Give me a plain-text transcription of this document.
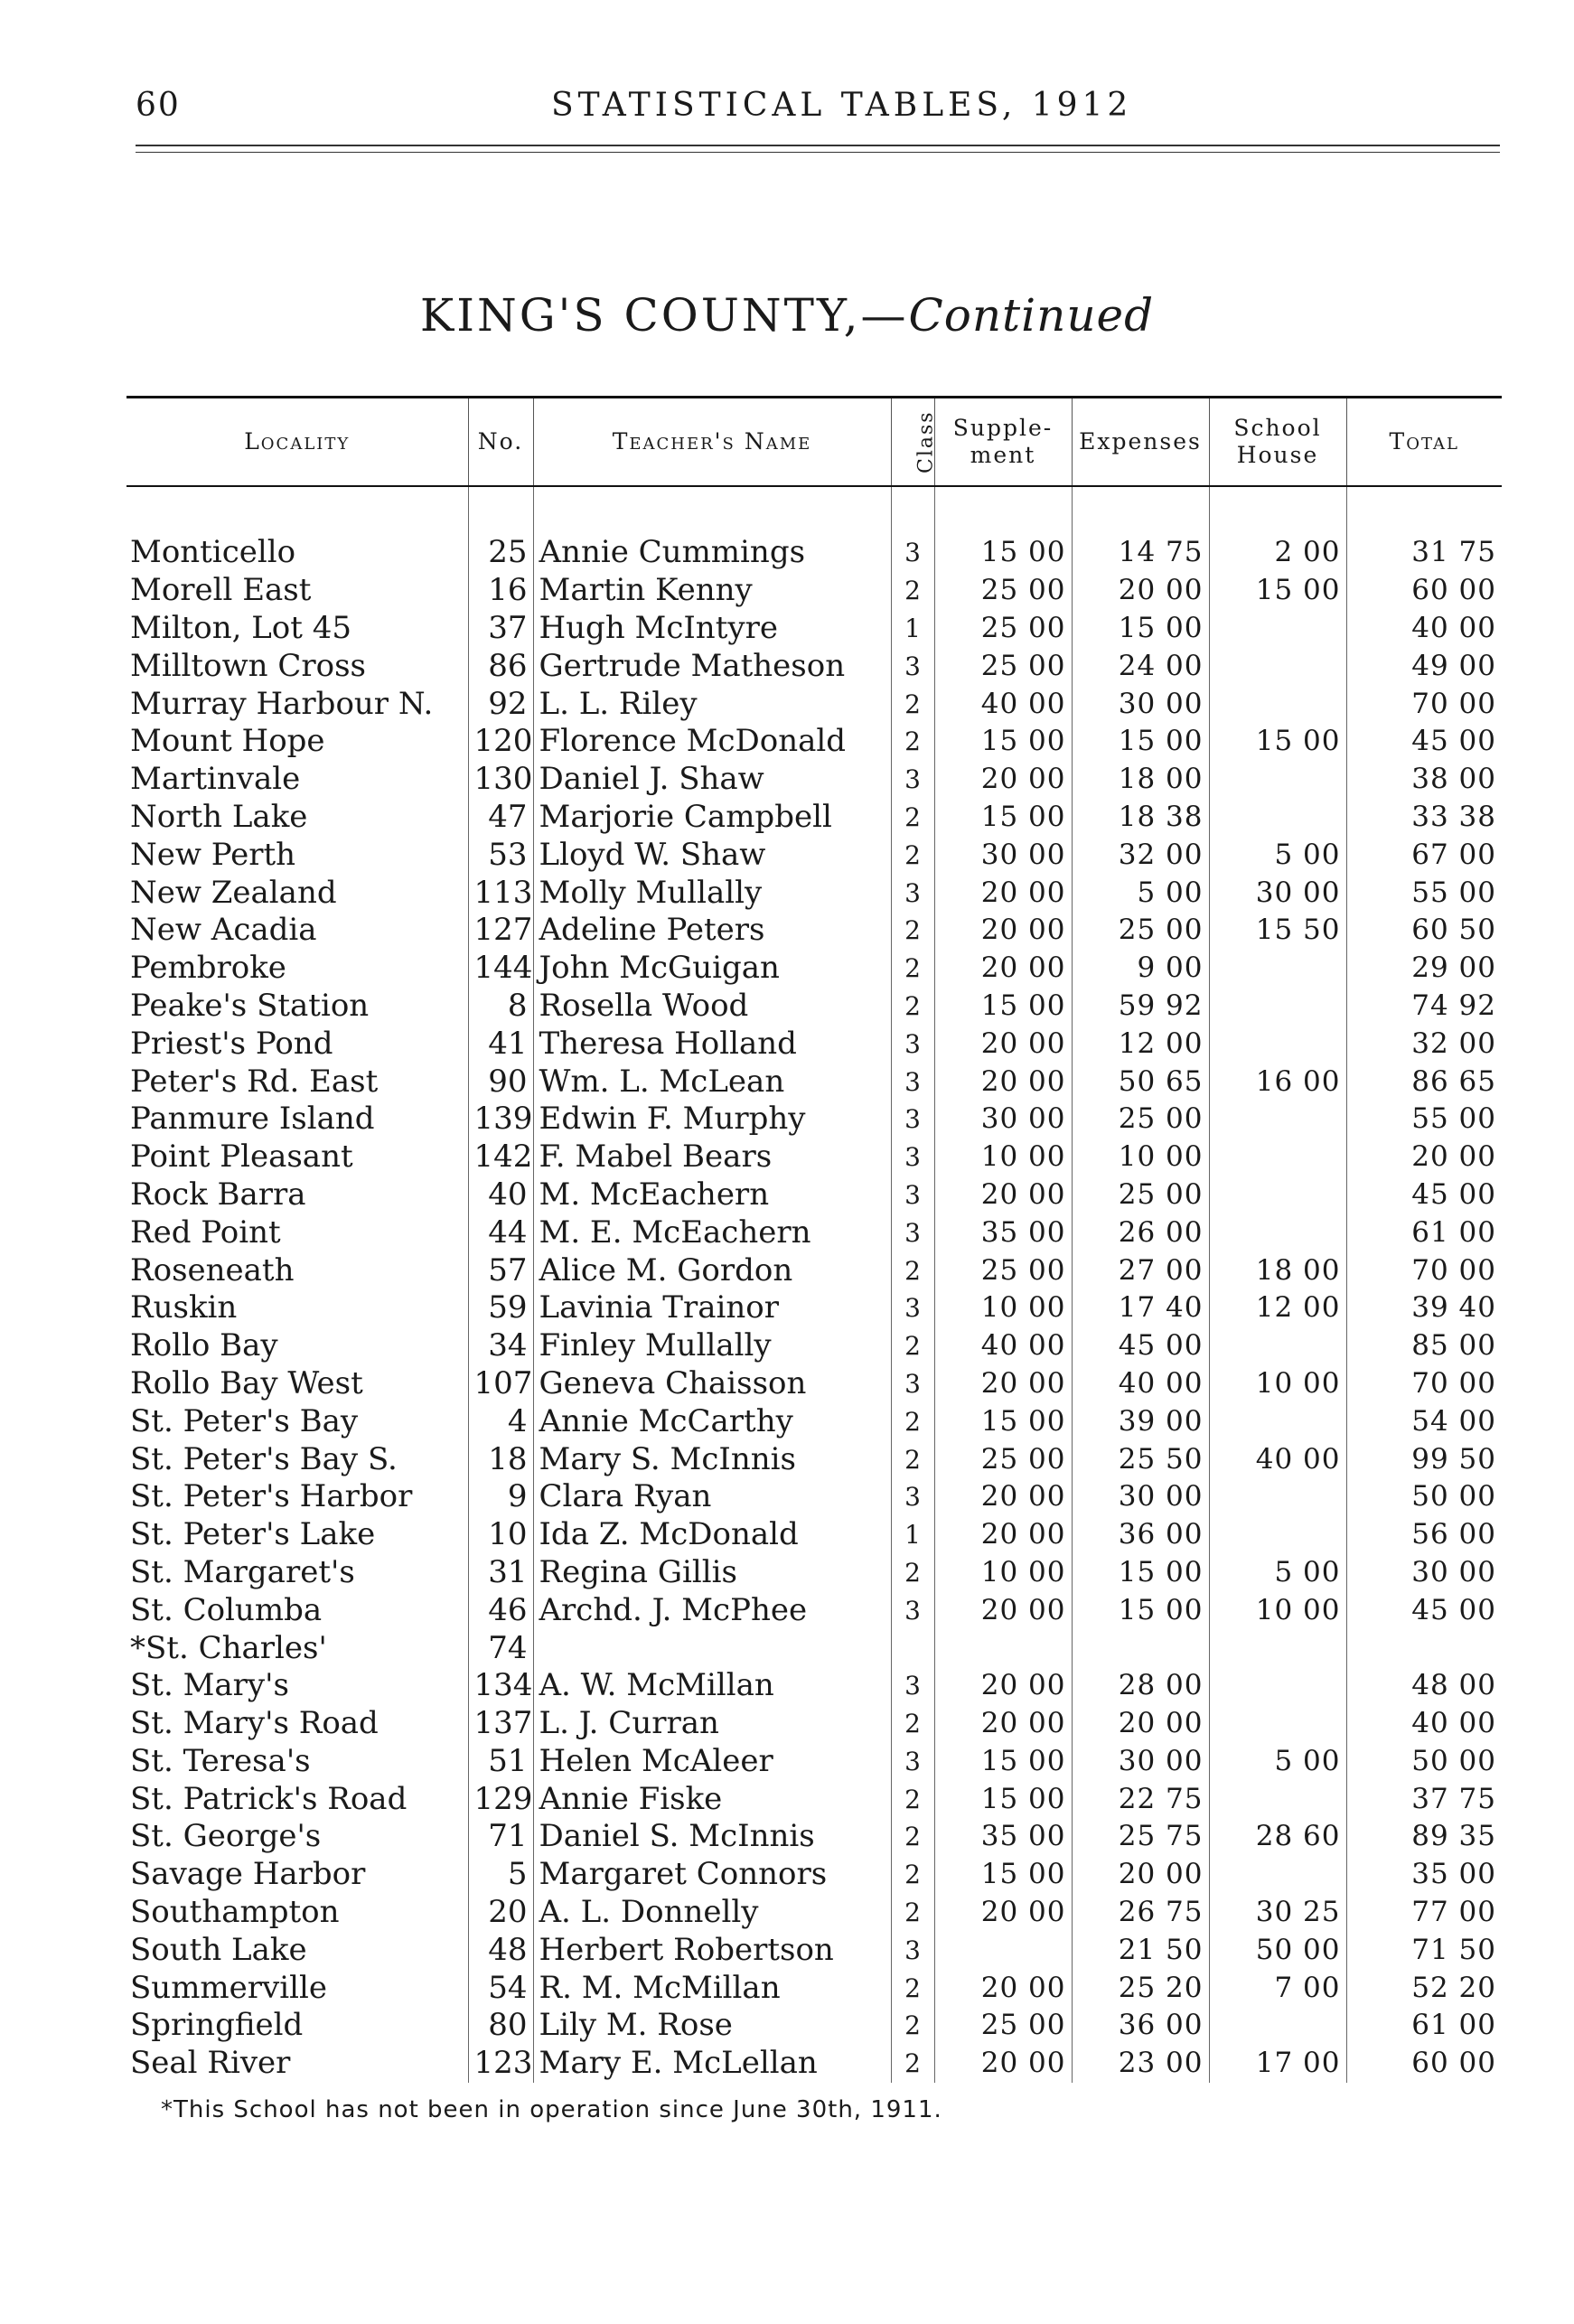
60	STATISTICAL TABLES, 1912
KING'S COUNTY,—Continued
Locality	No.	Teacher's Name	Class	Supple- ment	Expenses	School House	Total

Monticello	25	Annie Cummings	3	15 00	14 75	2 00	31 75
Morell East	16	Martin Kenny	2	25 00	20 00	15 00	60 00
Milton, Lot 45	37	Hugh McIntyre	1	25 00	15 00		40 00
Milltown Cross	86	Gertrude Matheson	3	25 00	24 00		49 00
Murray Harbour N.	92	L. L. Riley	2	40 00	30 00		70 00
Mount Hope	120	Florence McDonald	2	15 00	15 00	15 00	45 00
Martinvale	130	Daniel J. Shaw	3	20 00	18 00		38 00
North Lake	47	Marjorie Campbell	2	15 00	18 38		33 38
New Perth	53	Lloyd W. Shaw	2	30 00	32 00	5 00	67 00
New Zealand	113	Molly Mullally	3	20 00	5 00	30 00	55 00
New Acadia	127	Adeline Peters	2	20 00	25 00	15 50	60 50
Pembroke	144	John McGuigan	2	20 00	9 00		29 00
Peake's Station	8	Rosella Wood	2	15 00	59 92		74 92
Priest's Pond	41	Theresa Holland	3	20 00	12 00		32 00
Peter's Rd. East	90	Wm. L. McLean	3	20 00	50 65	16 00	86 65
Panmure Island	139	Edwin F. Murphy	3	30 00	25 00		55 00
Point Pleasant	142	F. Mabel Bears	3	10 00	10 00		20 00
Rock Barra	40	M. McEachern	3	20 00	25 00		45 00
Red Point	44	M. E. McEachern	3	35 00	26 00		61 00
Roseneath	57	Alice M. Gordon	2	25 00	27 00	18 00	70 00
Ruskin	59	Lavinia Trainor	3	10 00	17 40	12 00	39 40
Rollo Bay	34	Finley Mullally	2	40 00	45 00		85 00
Rollo Bay West	107	Geneva Chaisson	3	20 00	40 00	10 00	70 00
St. Peter's Bay	4	Annie McCarthy	2	15 00	39 00		54 00
St. Peter's Bay S.	18	Mary S. McInnis	2	25 00	25 50	40 00	99 50
St. Peter's Harbor	9	Clara Ryan	3	20 00	30 00		50 00
St. Peter's Lake	10	Ida Z. McDonald	1	20 00	36 00		56 00
St. Margaret's	31	Regina Gillis	2	10 00	15 00	5 00	30 00
St. Columba	46	Archd. J. McPhee	3	20 00	15 00	10 00	45 00
*St. Charles'	74						
St. Mary's	134	A. W. McMillan	3	20 00	28 00		48 00
St. Mary's Road	137	L. J. Curran	2	20 00	20 00		40 00
St. Teresa's	51	Helen McAleer	3	15 00	30 00	5 00	50 00
St. Patrick's Road	129	Annie Fiske	2	15 00	22 75		37 75
St. George's	71	Daniel S. McInnis	2	35 00	25 75	28 60	89 35
Savage Harbor	5	Margaret Connors	2	15 00	20 00		35 00
Southampton	20	A. L. Donnelly	2	20 00	26 75	30 25	77 00
South Lake	48	Herbert Robertson	3		21 50	50 00	71 50
Summerville	54	R. M. McMillan	2	20 00	25 20	7 00	52 20
Springfield	80	Lily M. Rose	2	25 00	36 00		61 00
Seal River	123	Mary E. McLellan	2	20 00	23 00	17 00	60 00
*This School has not been in operation since June 30th, 1911.
